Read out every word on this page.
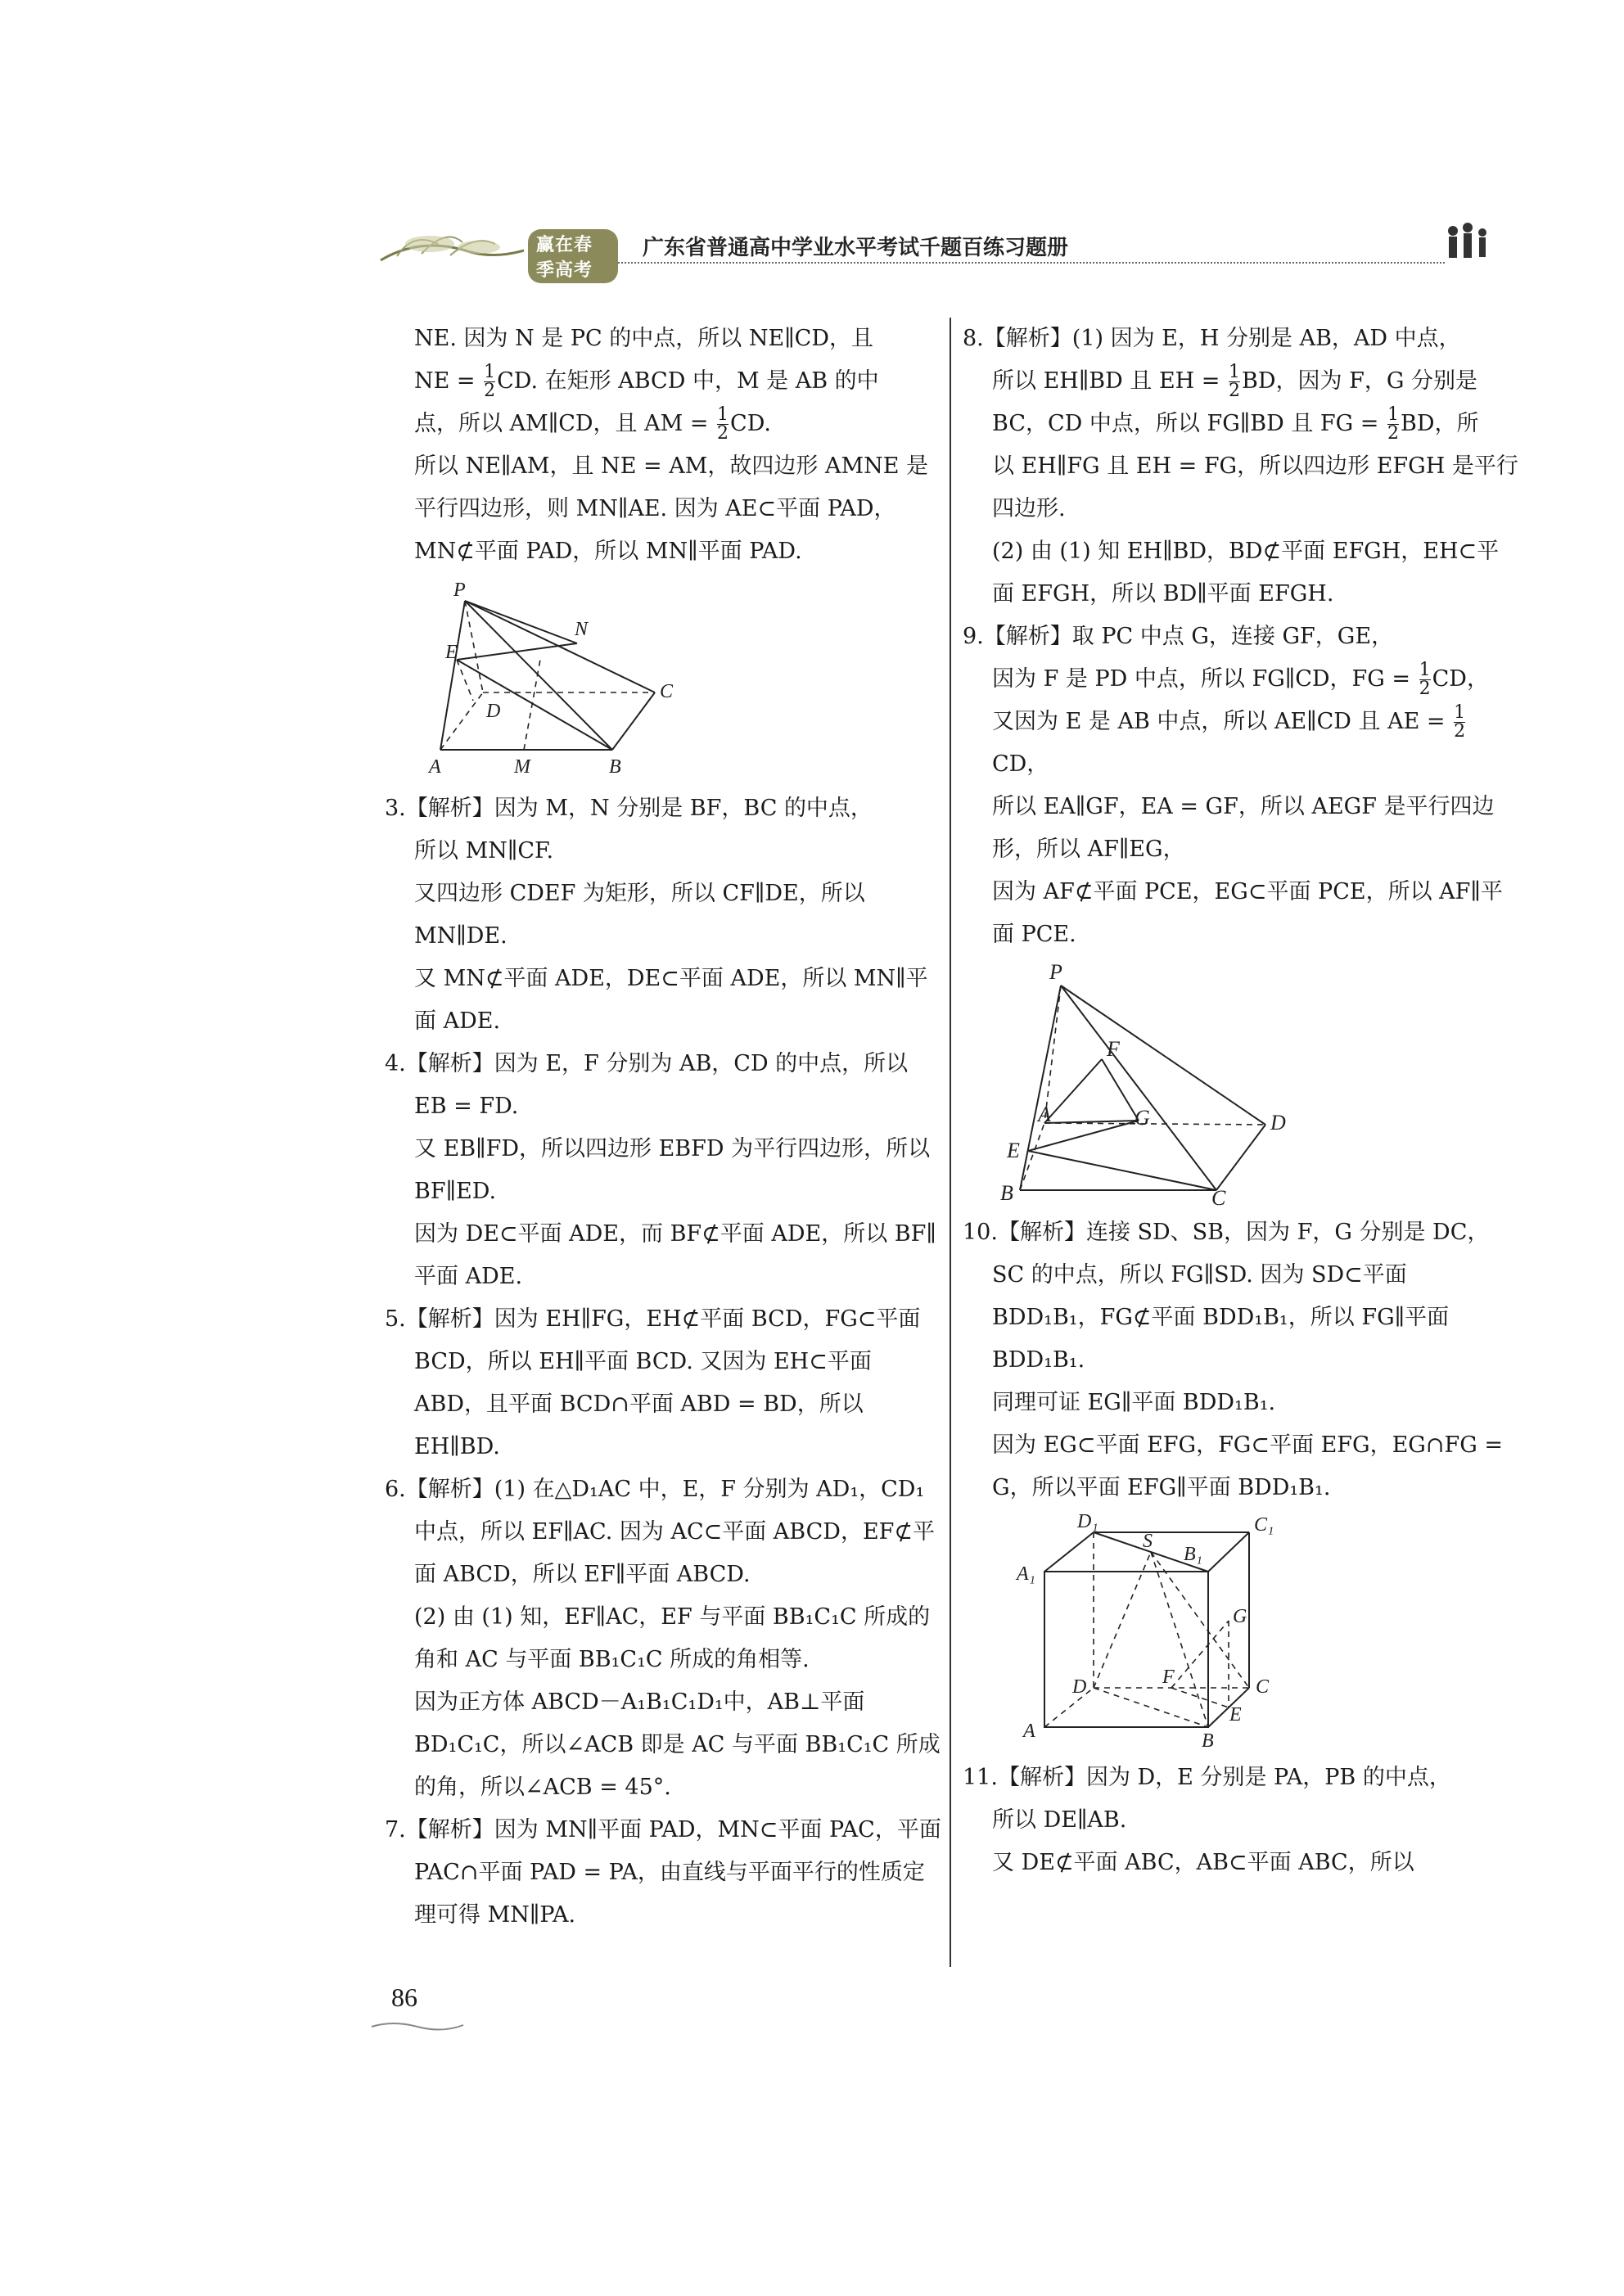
赢在春季高考
广东省普通高中学业水平考试千题百练习题册

NE. 因为 N 是 PC 的中点，所以 NE∥CD，且

NE = $\frac{1}{2}$ CD. 在矩形 ABCD 中，M 是 AB 的中

点，所以 AM∥CD，且 AM = $\frac{1}{2}$ CD.

所以 NE∥AM，且 NE = AM，故四边形 AMNE 是平行四边形，则 MN∥AE. 因为 AE⊂平面 PAD，MN⊄平面 PAD，所以 MN∥平面 PAD.

P
N
E
D
C
A	M	B

3.【解析】因为 M，N 分别是 BF，BC 的中点，

所以 MN∥CF.

又四边形 CDEF 为矩形，所以 CF∥DE，所以 MN∥DE.

又 MN⊄平面 ADE，DE⊂平面 ADE，所以 MN∥平面 ADE.

4.【解析】因为 E，F 分别为 AB，CD 的中点，所以 EB = FD.

又 EB∥FD，所以四边形 EBFD 为平行四边形，所以 BF∥ED.

因为 DE⊂平面 ADE，而 BF⊄平面 ADE，所以 BF∥平面 ADE.

5.【解析】因为 EH∥FG，EH⊄平面 BCD，FG⊂平面 BCD，所以 EH∥平面 BCD. 又因为 EH⊂平面 ABD，且平面 BCD∩平面 ABD = BD，所以 EH∥BD.

6.【解析】(1) 在△D₁AC 中，E，F 分别为 AD₁，CD₁中点，所以 EF∥AC. 因为 AC⊂平面 ABCD，EF⊄平面 ABCD，所以 EF∥平面 ABCD.

(2) 由 (1) 知，EF∥AC，EF 与平面 BB₁C₁C 所成的角和 AC 与平面 BB₁C₁C 所成的角相等.

因为正方体 ABCD－A₁B₁C₁D₁中，AB⊥平面 BD₁C₁C，所以∠ACB 即是 AC 与平面 BB₁C₁C 所成的角，所以∠ACB = 45°.

7.【解析】因为 MN∥平面 PAD，MN⊂平面 PAC，平面 PAC∩平面 PAD = PA，由直线与平面平行的性质定理可得 MN∥PA.

8.【解析】(1) 因为 E，H 分别是 AB，AD 中点，

所以 EH∥BD 且 EH = $\frac{1}{2}$ BD，因为 F，G 分别是

BC，CD 中点，所以 FG∥BD 且 FG = $\frac{1}{2}$ BD，所

以 EH∥FG 且 EH = FG，所以四边形 EFGH 是平行四边形.

(2) 由 (1) 知 EH∥BD，BD⊄平面 EFGH，EH⊂平面 EFGH，所以 BD∥平面 EFGH.

9.【解析】取 PC 中点 G，连接 GF，GE，

因为 F 是 PD 中点，所以 FG∥CD，FG = $\frac{1}{2}$ CD，

又因为 E 是 AB 中点，所以 AE∥CD 且 AE = $\frac{1}{2}$
CD，

所以 EA∥GF，EA = GF，所以 AEGF 是平行四边形，所以 AF∥EG，

因为 AF⊄平面 PCE，EG⊂平面 PCE，所以 AF∥平面 PCE.

P
F
A	G	D
E
B	C

10.【解析】连接 SD、SB，因为 F，G 分别是 DC，SC 的中点，所以 FG∥SD. 因为 SD⊂平面 BDD₁B₁，FG⊄平面 BDD₁B₁，所以 FG∥平面 BDD₁B₁.

同理可证 EG∥平面 BDD₁B₁.

因为 EG⊂平面 EFG，FG⊂平面 EFG，EG∩FG = G，所以平面 EFG∥平面 BDD₁B₁.

D₁
S
B₁
C₁
A₁
G
D	F	C
E
A	B

11.【解析】因为 D，E 分别是 PA，PB 的中点，

所以 DE∥AB.

又 DE⊄平面 ABC，AB⊂平面 ABC，所以

86
